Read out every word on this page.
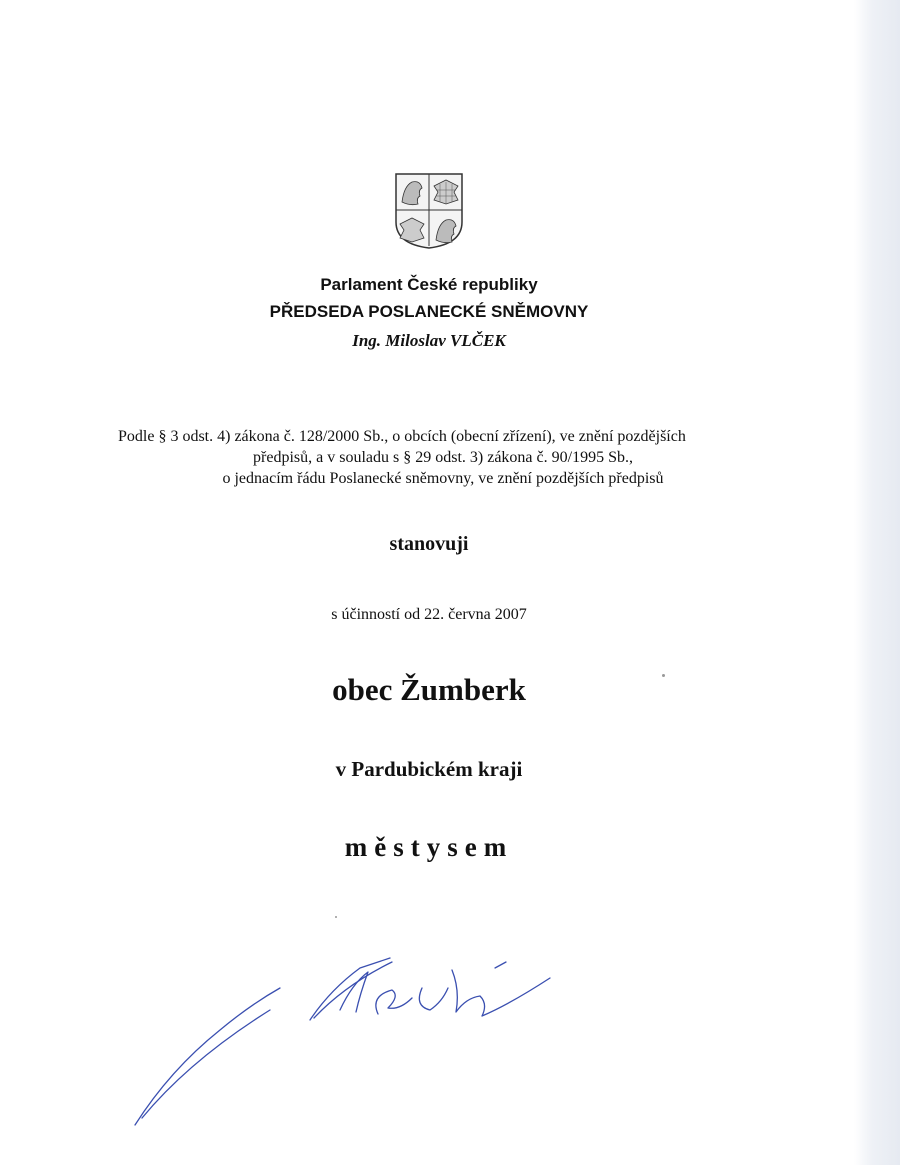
Parlament České republiky
PŘEDSEDA POSLANECKÉ SNĚMOVNY
Ing. Miloslav VLČEK
Podle § 3 odst. 4) zákona č. 128/2000 Sb., o obcích (obecní zřízení), ve znění pozdějších
předpisů, a v souladu s § 29 odst. 3) zákona č. 90/1995 Sb.,
o jednacím řádu Poslanecké sněmovny, ve znění pozdějších předpisů
stanovuji
s účinností od 22. června 2007
obec Žumberk
v Pardubickém kraji
městysem
